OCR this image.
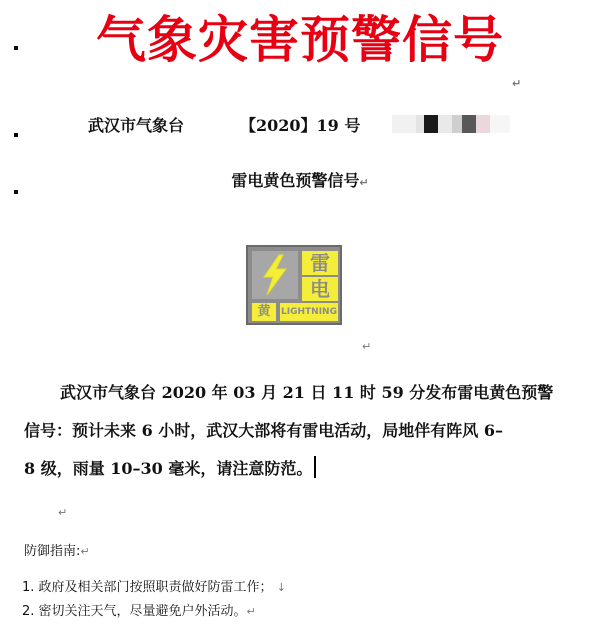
气象灾害预警信号
↵
武汉市气象台	【2020】19 号
雷电黄色预警信号↵
雷
电
黄	LIGHTNING
↵
武汉市气象台 2020 年 03 月 21 日 11 时 59 分发布雷电黄色预警
信号：预计未来 6 小时，武汉大部将有雷电活动，局地伴有阵风 6–
8 级，雨量 10–30 毫米，请注意防范。
↵
防御指南:↵
1. 政府及相关部门按照职责做好防雷工作； ↓
2. 密切关注天气，尽量避免户外活动。↵
